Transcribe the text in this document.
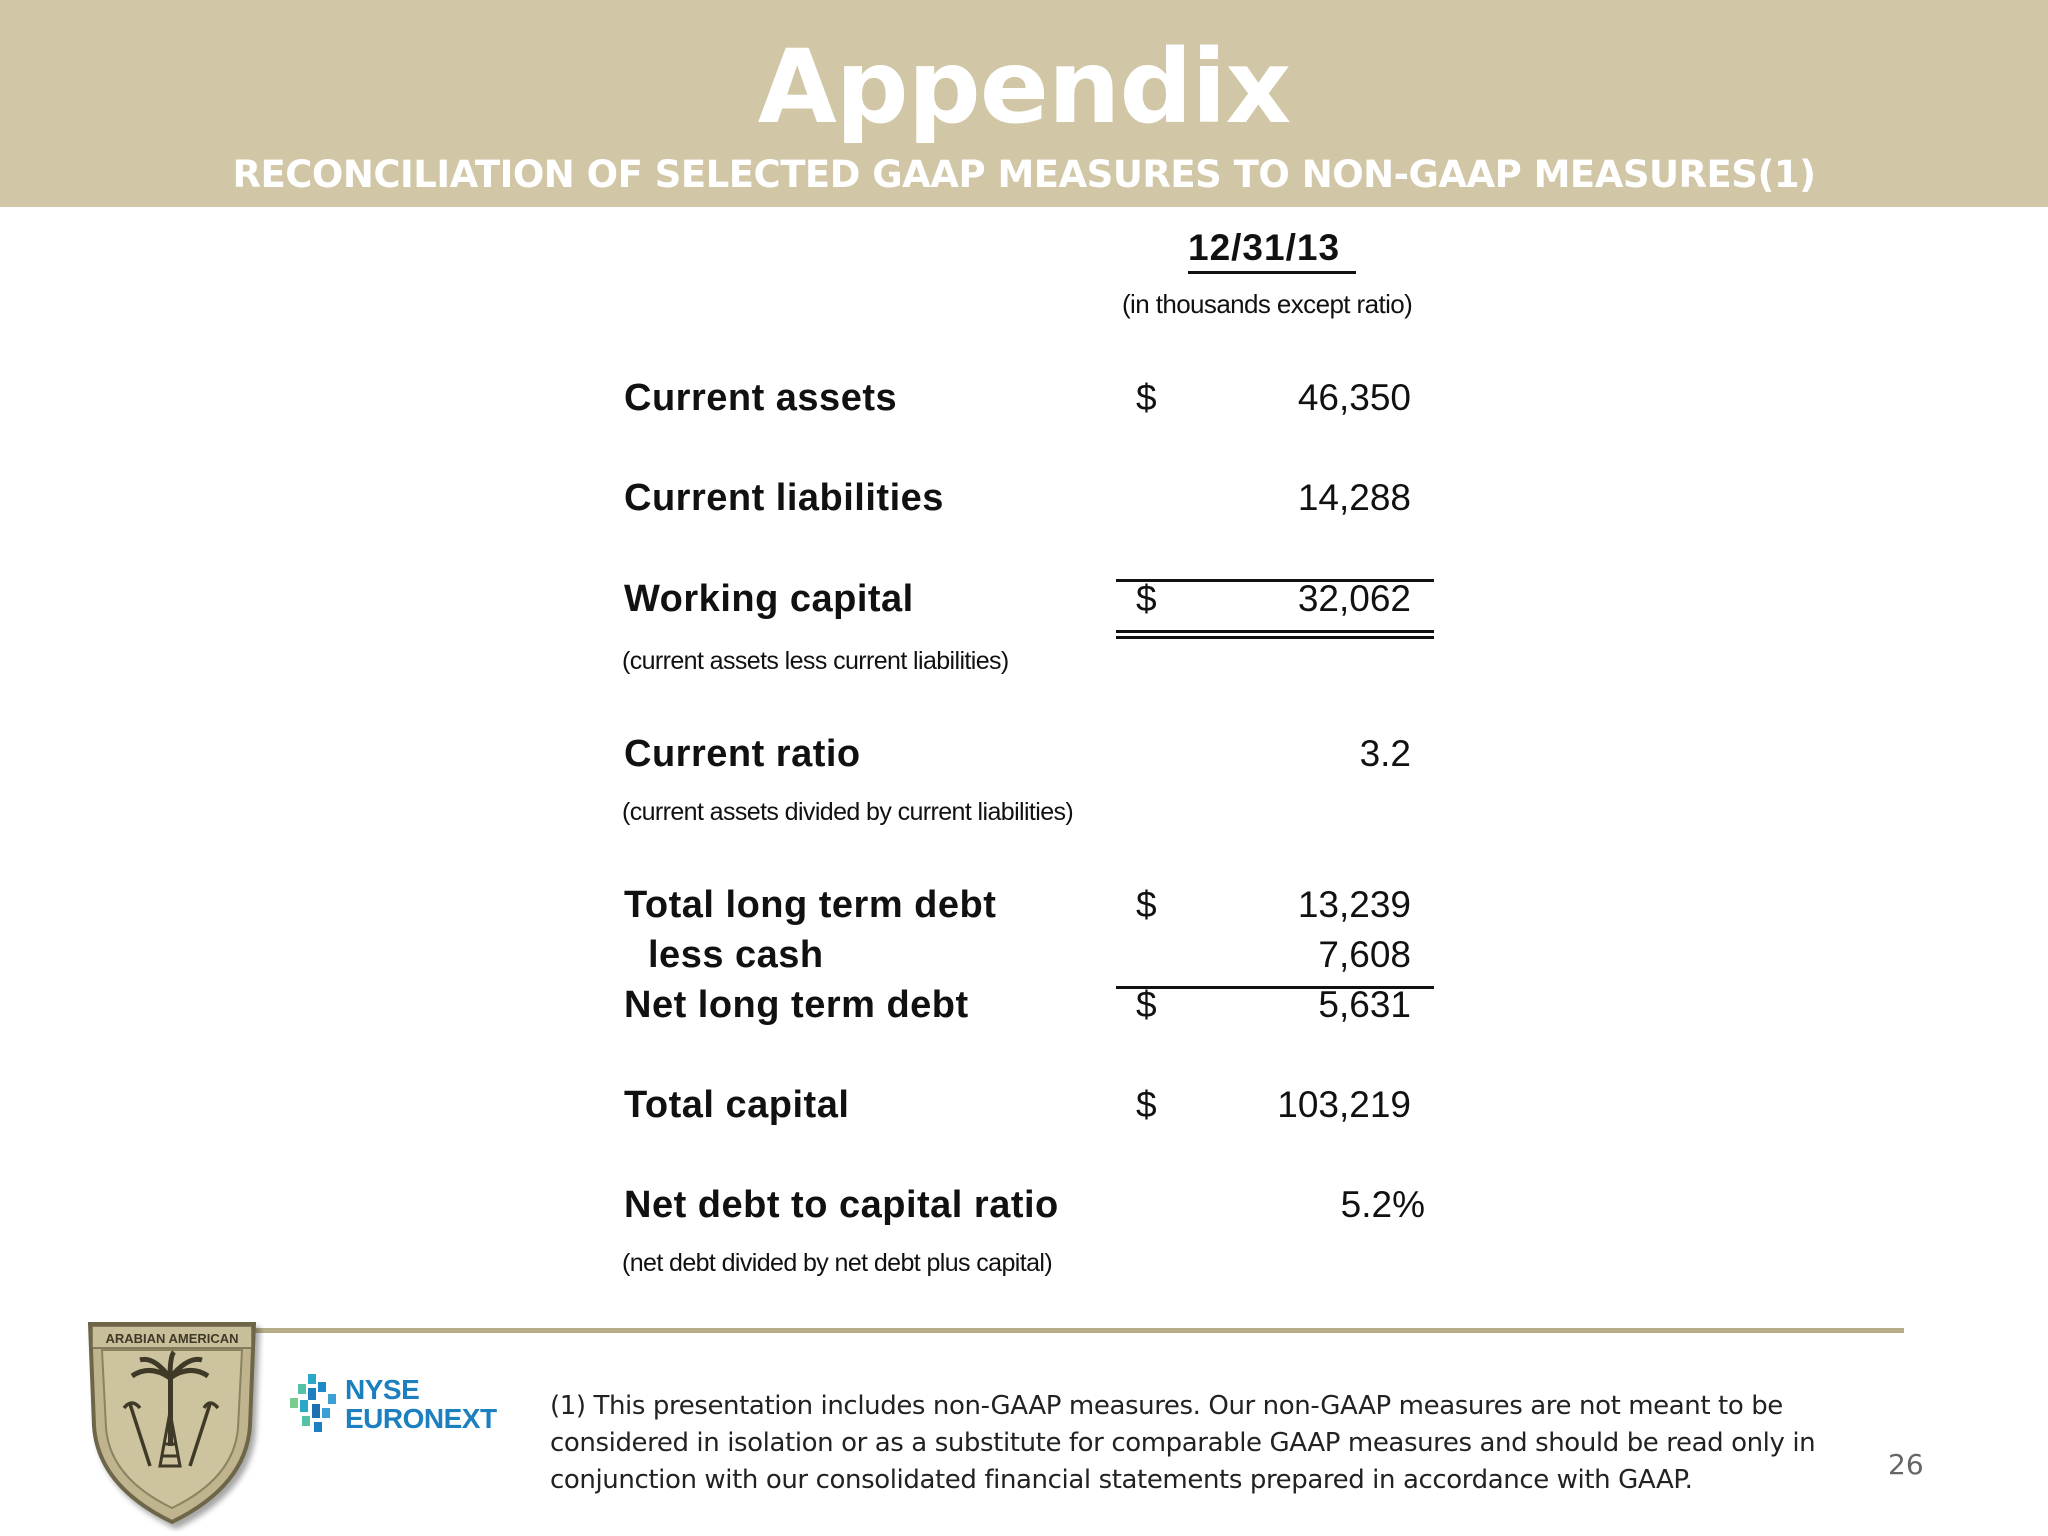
Appendix
RECONCILIATION OF SELECTED GAAP MEASURES TO NON-GAAP MEASURES(1)
12/31/13
(in thousands except ratio)
Current assets	$	46,350
Current liabilities	14,288
Working capital	$	32,062
(current assets less current liabilities)
Current ratio	3.2
(current assets divided by current liabilities)
Total long term debt	$	13,239
less cash	7,608
Net long term debt	$	5,631
Total capital	$	103,219
Net debt to capital ratio	5.2%
(net debt divided by net debt plus capital)
ARABIAN AMERICAN
NYSE
EURONEXT (1) This presentation includes non-GAAP measures. Our non-GAAP measures are not meant to be considered in isolation or as a substitute for comparable GAAP measures and should be read only in conjunction with our consolidated financial statements prepared in accordance with GAAP.	26
